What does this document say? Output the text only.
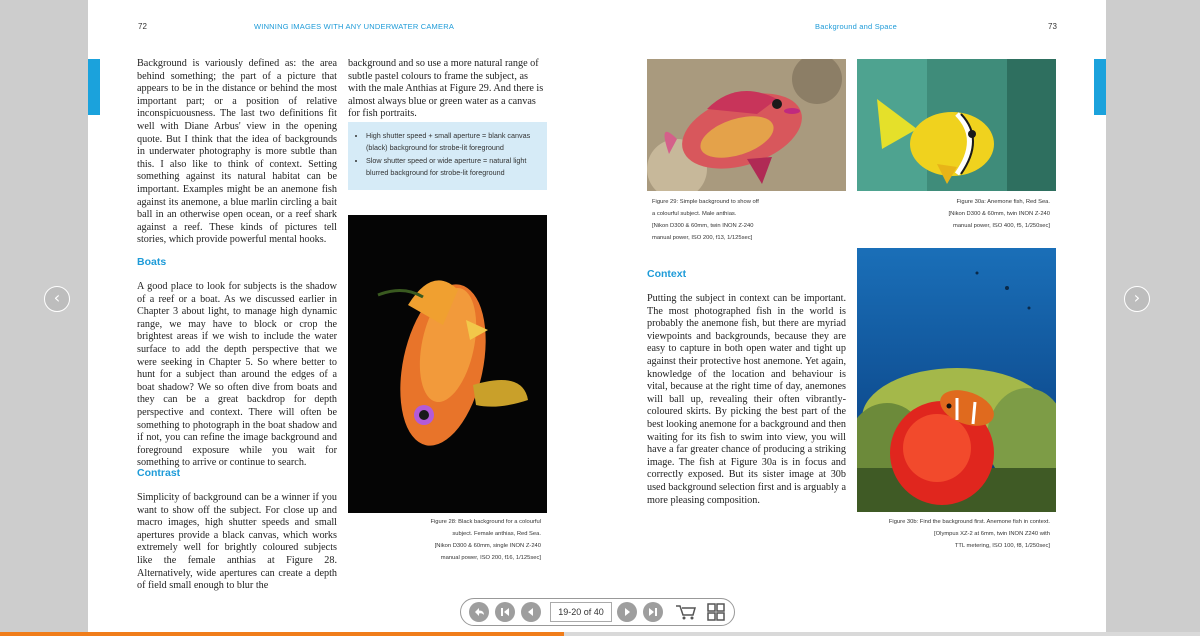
72	WINNING IMAGES WITH ANY UNDERWATER CAMERA

Background is variously defined as: the area behind something; the part of a picture that appears to be in the distance or behind the most important part; or a position of relative inconspicuousness. The last two definitions fit well with Diane Arbus' view in the opening quote. But I think that the idea of backgrounds in underwater photography is more subtle than this. I also like to think of context. Setting something against its natural habitat can be important. Examples might be an anemone fish against its anemone, a blue marlin circling a bait ball in an otherwise open ocean, or a reef shark against a reef. These kinds of pictures tell stories, which provide powerful mental hooks.

Boats

A good place to look for subjects is the shadow of a reef or a boat. As we discussed earlier in Chapter 3 about light, to manage high dynamic range, we may have to block or crop the brightest areas if we wish to include the water surface to add the depth perspective that we were seeking in Chapter 5. So where better to hunt for a subject than around the edges of a boat shadow? We so often dive from boats and they can be a great backdrop for depth perspective and context. There will often be something to photograph in the boat shadow and if not, you can refine the image background and foreground exposure while you wait for something to arrive or continue to search.

Contrast

Simplicity of background can be a winner if you want to show off the subject. For close up and macro images, high shutter speeds and small apertures provide a black canvas, which works extremely well for brightly coloured subjects like the female anthias at Figure 28. Alternatively, wide apertures can create a depth of field small enough to blur the

background and so use a more natural range of subtle pastel colours to frame the subject, as with the male Anthias at Figure 29. And there is almost always blue or green water as a canvas for fish portraits.

• High shutter speed + small aperture = blank canvas (black) background for strobe-lit foreground
• Slow shutter speed or wide aperture = natural light blurred background for strobe-lit foreground
Figure 28: Black background for a colourful
subject. Female anthias, Red Sea.
[Nikon D300 & 60mm, single INON Z-240
manual power, ISO 200, f16, 1/125sec]
Background and Space	73
Figure 29: Simple background to show off
a colourful subject. Male anthias.
[Nikon D300 & 60mm, twin INON Z-240
manual power, ISO 200, f13, 1/125sec]
Figure 30a: Anemone fish, Red Sea.
[Nikon D300 & 60mm, twin INON Z-240
manual power, ISO 400, f5, 1/250sec]
Context

Putting the subject in context can be important. The most photographed fish in the world is probably the anemone fish, but there are myriad viewpoints and backgrounds, because they are easy to capture in both open water and tight up against their protective host anemone. Yet again, knowledge of the location and behaviour is vital, because at the right time of day, anemones will ball up, revealing their often vibrantly-coloured skirts. By picking the best part of the best looking anemone for a background and then waiting for its fish to swim into view, you will have a far greater chance of producing a striking image. The fish at Figure 30a is in focus and correctly exposed. But its sister image at 30b used background selection first and is arguably a more pleasing composition.

Figure 30b: Find the background first. Anemone fish in context.
[Olympus XZ-2 at 6mm, twin INON Z240 with
TTL metering, ISO 100, f8, 1/250sec]
‹	›
19-20 of 40
